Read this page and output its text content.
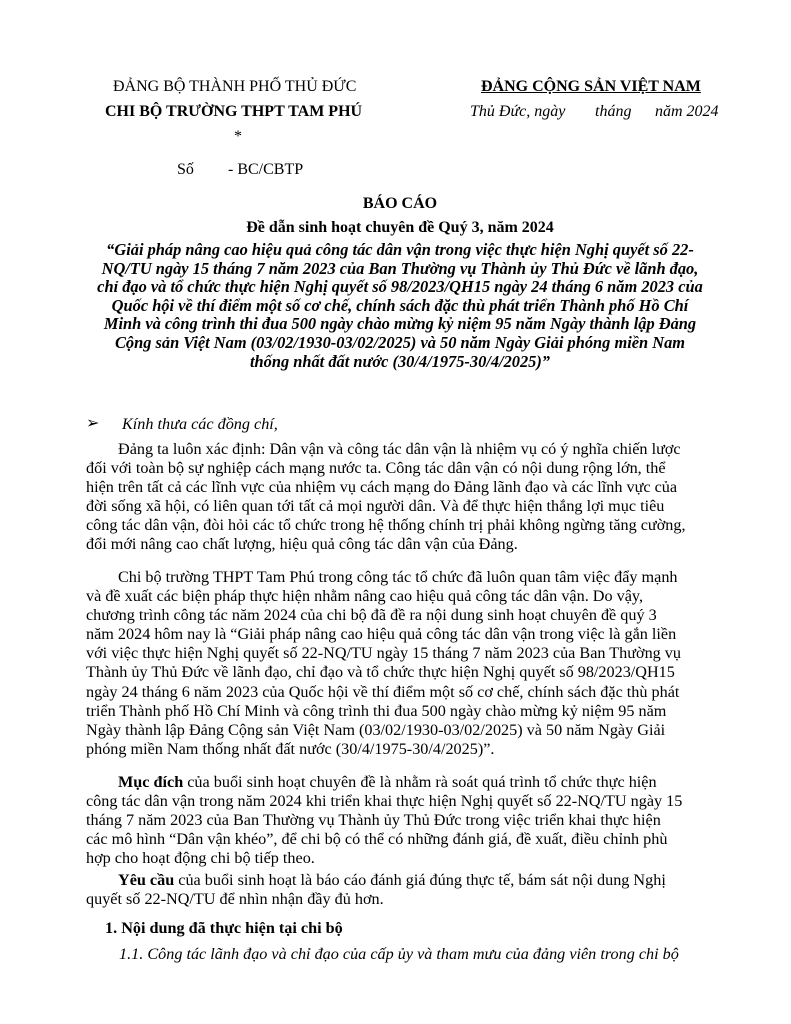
ĐẢNG BỘ THÀNH PHỐ THỦ ĐỨC
CHI BỘ TRƯỜNG THPT TAM PHÚ
*
Số - BC/CBTP
ĐẢNG CỘNG SẢN VIỆT NAM
Thủ Đức, ngày tháng năm 2024
BÁO CÁO
Đề dẫn sinh hoạt chuyên đề Quý 3, năm 2024
“Giải pháp nâng cao hiệu quả công tác dân vận trong việc thực hiện Nghị quyết số 22-
NQ/TU ngày 15 tháng 7 năm 2023 của Ban Thường vụ Thành ủy Thủ Đức về lãnh đạo,
chỉ đạo và tổ chức thực hiện Nghị quyết số 98/2023/QH15 ngày 24 tháng 6 năm 2023 của
Quốc hội về thí điểm một số cơ chế, chính sách đặc thù phát triển Thành phố Hồ Chí
Minh và công trình thi đua 500 ngày chào mừng kỷ niệm 95 năm Ngày thành lập Đảng
Cộng sản Việt Nam (03/02/1930-03/02/2025) và 50 năm Ngày Giải phóng miền Nam
thống nhất đất nước (30/4/1975-30/4/2025)”
➢ Kính thưa các đồng chí,
Đảng ta luôn xác định: Dân vận và công tác dân vận là nhiệm vụ có ý nghĩa chiến lược
đối với toàn bộ sự nghiệp cách mạng nước ta. Công tác dân vận có nội dung rộng lớn, thể
hiện trên tất cả các lĩnh vực của nhiệm vụ cách mạng do Đảng lãnh đạo và các lĩnh vực của
đời sống xã hội, có liên quan tới tất cả mọi người dân. Và để thực hiện thắng lợi mục tiêu
công tác dân vận, đòi hỏi các tổ chức trong hệ thống chính trị phải không ngừng tăng cường,
đổi mới nâng cao chất lượng, hiệu quả công tác dân vận của Đảng.
Chi bộ trường THPT Tam Phú trong công tác tổ chức đã luôn quan tâm việc đẩy mạnh
và đề xuất các biện pháp thực hiện nhằm nâng cao hiệu quả công tác dân vận. Do vậy,
chương trình công tác năm 2024 của chi bộ đã đề ra nội dung sinh hoạt chuyên đề quý 3
năm 2024 hôm nay là “Giải pháp nâng cao hiệu quả công tác dân vận trong việc là gắn liền
với việc thực hiện Nghị quyết số 22-NQ/TU ngày 15 tháng 7 năm 2023 của Ban Thường vụ
Thành ủy Thủ Đức về lãnh đạo, chỉ đạo và tổ chức thực hiện Nghị quyết số 98/2023/QH15
ngày 24 tháng 6 năm 2023 của Quốc hội về thí điểm một số cơ chế, chính sách đặc thù phát
triển Thành phố Hồ Chí Minh và công trình thi đua 500 ngày chào mừng kỷ niệm 95 năm
Ngày thành lập Đảng Cộng sản Việt Nam (03/02/1930-03/02/2025) và 50 năm Ngày Giải
phóng miền Nam thống nhất đất nước (30/4/1975-30/4/2025)”.
Mục đích của buổi sinh hoạt chuyên đề là nhằm rà soát quá trình tổ chức thực hiện
công tác dân vận trong năm 2024 khi triển khai thực hiện Nghị quyết số 22-NQ/TU ngày 15
tháng 7 năm 2023 của Ban Thường vụ Thành ủy Thủ Đức trong việc triển khai thực hiện
các mô hình “Dân vận khéo”, để chi bộ có thể có những đánh giá, đề xuất, điều chỉnh phù
hợp cho hoạt động chi bộ tiếp theo.
Yêu cầu của buổi sinh hoạt là báo cáo đánh giá đúng thực tế, bám sát nội dung Nghị
quyết số 22-NQ/TU để nhìn nhận đầy đủ hơn.
1. Nội dung đã thực hiện tại chi bộ
1.1. Công tác lãnh đạo và chỉ đạo của cấp ủy và tham mưu của đảng viên trong chi bộ
